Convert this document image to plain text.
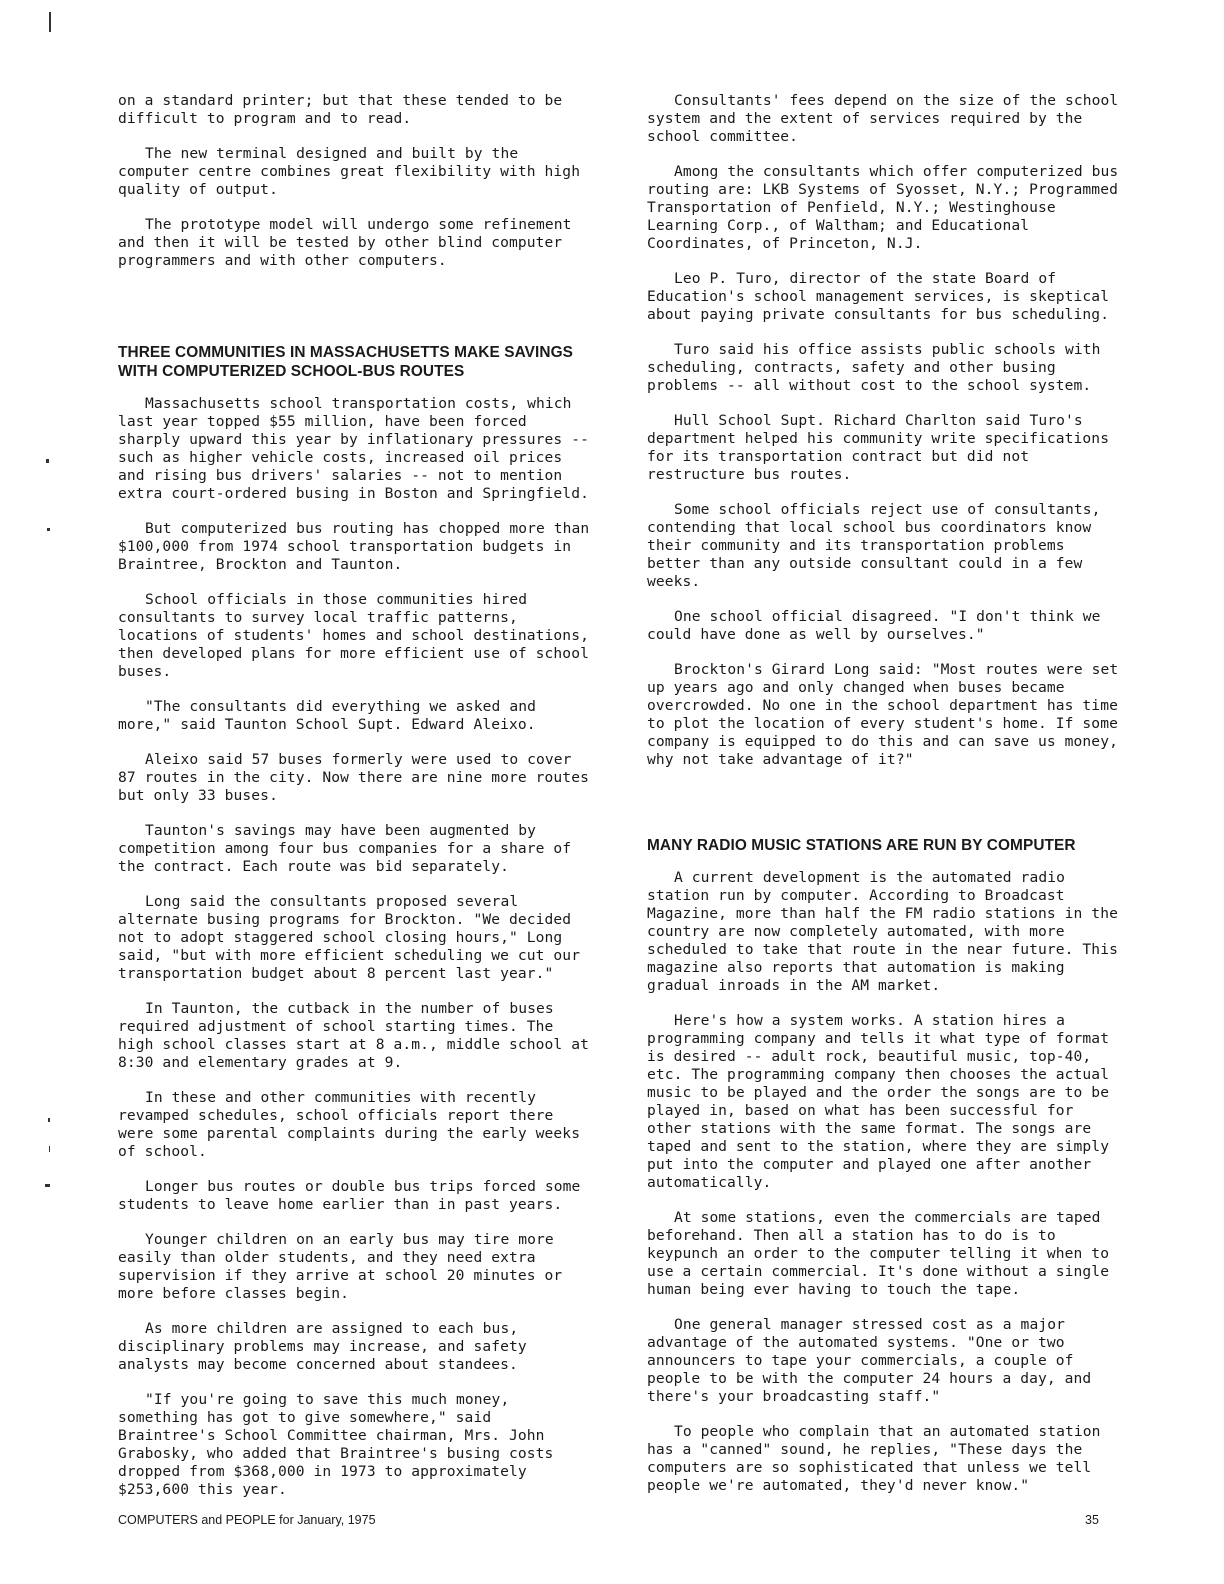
on a standard printer; but that these tended to be difficult to program and to read.

The new terminal designed and built by the computer centre combines great flexibility with high quality of output.

The prototype model will undergo some refinement and then it will be tested by other blind computer programmers and with other computers.

THREE COMMUNITIES IN MASSACHUSETTS MAKE SAVINGS WITH COMPUTERIZED SCHOOL-BUS ROUTES

Massachusetts school transportation costs, which last year topped $55 million, have been forced sharply upward this year by inflationary pressures -- such as higher vehicle costs, increased oil prices and rising bus drivers' salaries -- not to mention extra court-ordered busing in Boston and Springfield.

But computerized bus routing has chopped more than $100,000 from 1974 school transportation budgets in Braintree, Brockton and Taunton.

School officials in those communities hired consultants to survey local traffic patterns, locations of students' homes and school destinations, then developed plans for more efficient use of school buses.

"The consultants did everything we asked and more," said Taunton School Supt. Edward Aleixo.

Aleixo said 57 buses formerly were used to cover 87 routes in the city. Now there are nine more routes but only 33 buses.

Taunton's savings may have been augmented by competition among four bus companies for a share of the contract. Each route was bid separately.

Long said the consultants proposed several alternate busing programs for Brockton. "We decided not to adopt staggered school closing hours," Long said, "but with more efficient scheduling we cut our transportation budget about 8 percent last year."

In Taunton, the cutback in the number of buses required adjustment of school starting times. The high school classes start at 8 a.m., middle school at 8:30 and elementary grades at 9.

In these and other communities with recently revamped schedules, school officials report there were some parental complaints during the early weeks of school.

Longer bus routes or double bus trips forced some students to leave home earlier than in past years.

Younger children on an early bus may tire more easily than older students, and they need extra supervision if they arrive at school 20 minutes or more before classes begin.

As more children are assigned to each bus, disciplinary problems may increase, and safety analysts may become concerned about standees.

"If you're going to save this much money, something has got to give somewhere," said Braintree's School Committee chairman, Mrs. John Grabosky, who added that Braintree's busing costs dropped from $368,000 in 1973 to approximately $253,600 this year.

Consultants' fees depend on the size of the school system and the extent of services required by the school committee.

Among the consultants which offer computerized bus routing are: LKB Systems of Syosset, N.Y.; Programmed Transportation of Penfield, N.Y.; Westinghouse Learning Corp., of Waltham; and Educational Coordinates, of Princeton, N.J.

Leo P. Turo, director of the state Board of Education's school management services, is skeptical about paying private consultants for bus scheduling.

Turo said his office assists public schools with scheduling, contracts, safety and other busing problems -- all without cost to the school system.

Hull School Supt. Richard Charlton said Turo's department helped his community write specifications for its transportation contract but did not restructure bus routes.

Some school officials reject use of consultants, contending that local school bus coordinators know their community and its transportation problems better than any outside consultant could in a few weeks.

One school official disagreed. "I don't think we could have done as well by ourselves."

Brockton's Girard Long said: "Most routes were set up years ago and only changed when buses became overcrowded. No one in the school department has time to plot the location of every student's home. If some company is equipped to do this and can save us money, why not take advantage of it?"

MANY RADIO MUSIC STATIONS ARE RUN BY COMPUTER

A current development is the automated radio station run by computer. According to Broadcast Magazine, more than half the FM radio stations in the country are now completely automated, with more scheduled to take that route in the near future. This magazine also reports that automation is making gradual inroads in the AM market.

Here's how a system works. A station hires a programming company and tells it what type of format is desired -- adult rock, beautiful music, top-40, etc. The programming company then chooses the actual music to be played and the order the songs are to be played in, based on what has been successful for other stations with the same format. The songs are taped and sent to the station, where they are simply put into the computer and played one after another automatically.

At some stations, even the commercials are taped beforehand. Then all a station has to do is to keypunch an order to the computer telling it when to use a certain commercial. It's done without a single human being ever having to touch the tape.

One general manager stressed cost as a major advantage of the automated systems. "One or two announcers to tape your commercials, a couple of people to be with the computer 24 hours a day, and there's your broadcasting staff."

To people who complain that an automated station has a "canned" sound, he replies, "These days the computers are so sophisticated that unless we tell people we're automated, they'd never know."

COMPUTERS and PEOPLE for January, 1975	35
